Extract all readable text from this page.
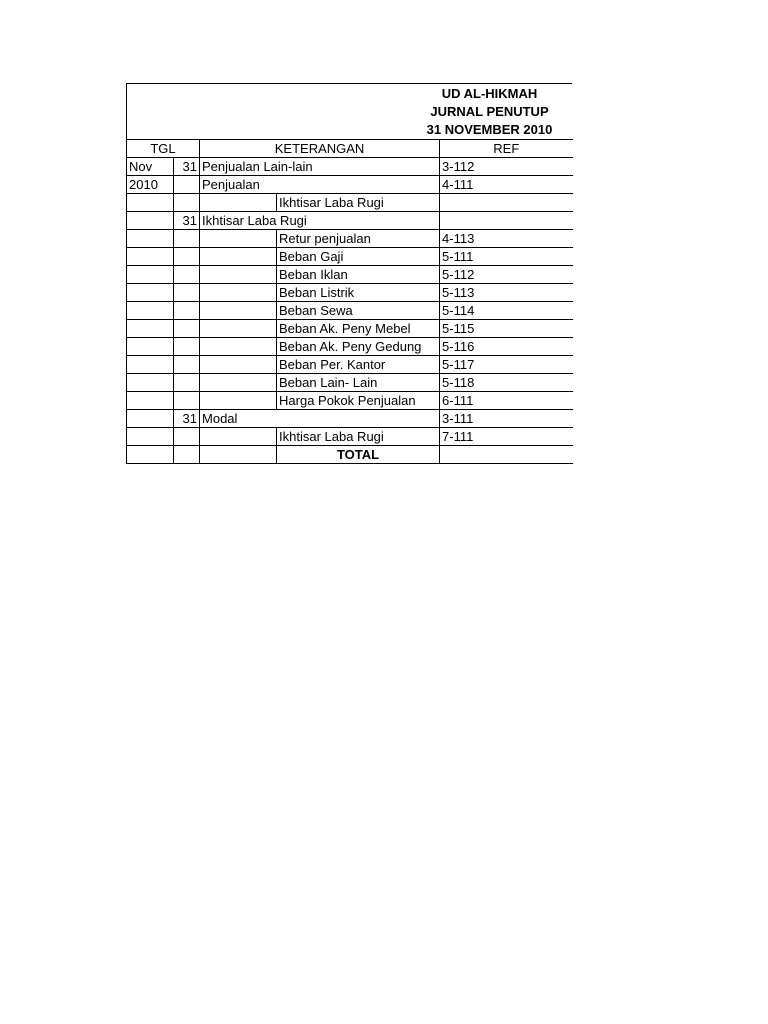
UD AL-HIKMAH
JURNAL PENUTUP
31 NOVEMBER 2010
TGL		KETERANGAN		REF
Nov	31	Penjualan Lain-lain		3-112
2010		Penjualan		4-111
			Ikhtisar Laba Rugi	
	31	Ikhtisar Laba Rugi		
			Retur penjualan	4-113
			Beban Gaji	5-111
			Beban Iklan	5-112
			Beban Listrik	5-113
			Beban Sewa	5-114
			Beban Ak. Peny Mebel	5-115
			Beban Ak. Peny Gedung	5-116
			Beban Per. Kantor	5-117
			Beban Lain- Lain	5-118
			Harga Pokok Penjualan	6-111
	31	Modal		3-111
			Ikhtisar Laba Rugi	7-111
			TOTAL	
